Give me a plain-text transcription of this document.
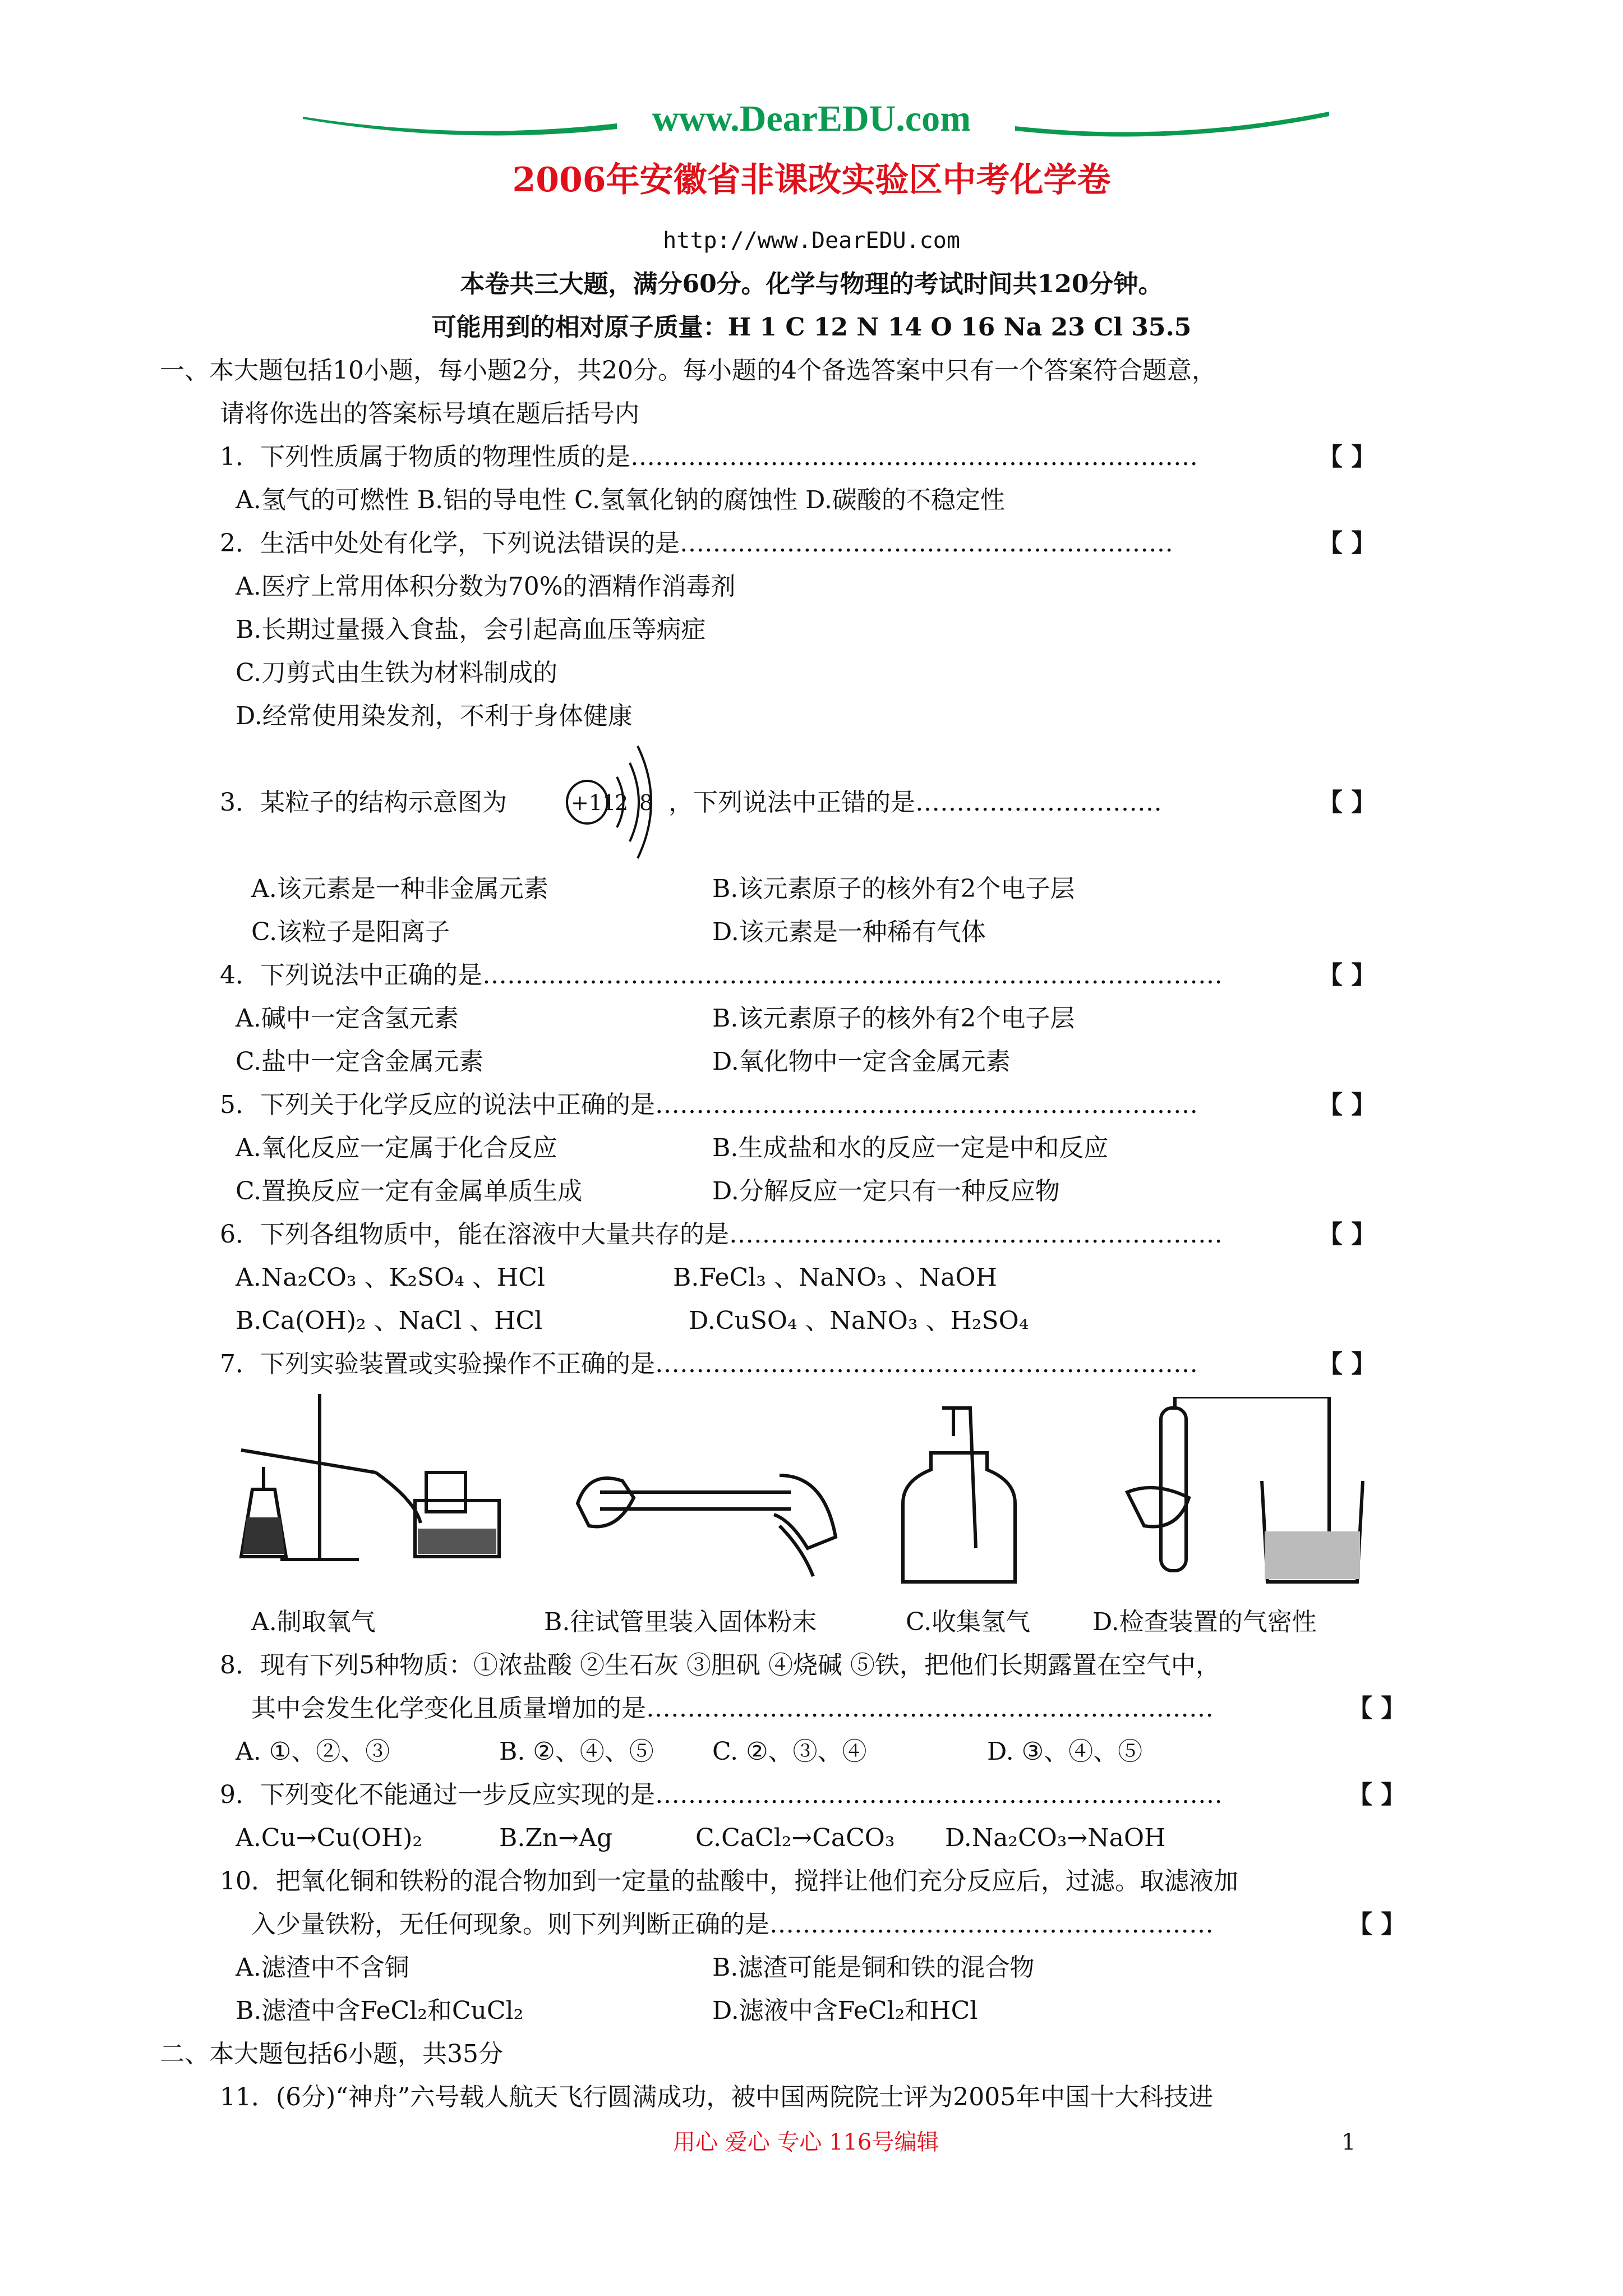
www.DearEDU.com
2006年安徽省非课改实验区中考化学卷
http://www.DearEDU.com
本卷共三大题，满分60分。化学与物理的考试时间共120分钟。
可能用到的相对原子质量：H 1 C 12 N 14 O 16 Na 23 Cl 35.5
一、本大题包括10小题，每小题2分，共20分。每小题的4个备选答案中只有一个答案符合题意，
请将你选出的答案标号填在题后括号内
1．下列性质属于物质的物理性质的是……………………………………………………………	【 】
A.氢气的可燃性 B.铝的导电性 C.氢氧化钠的腐蚀性 D.碳酸的不稳定性
2．生活中处处有化学，下列说法错误的是……………………………………………………	【 】
A.医疗上常用体积分数为70%的酒精作消毒剂
B.长期过量摄入食盐，会引起高血压等病症
C.刀剪式由生铁为材料制成的
D.经常使用染发剂，不利于身体健康
3．某粒子的结构示意图为	+11
2 8 ，下列说法中正错的是…………………………	【 】
A.该元素是一种非金属元素	B.该元素原子的核外有2个电子层
C.该粒子是阳离子	D.该元素是一种稀有气体
4．下列说法中正确的是………………………………………………………………………………	【 】
A.碱中一定含氢元素	B.该元素原子的核外有2个电子层
C.盐中一定含金属元素	D.氧化物中一定含金属元素
5．下列关于化学反应的说法中正确的是…………………………………………………………	【 】
A.氧化反应一定属于化合反应	B.生成盐和水的反应一定是中和反应
C.置换反应一定有金属单质生成	D.分解反应一定只有一种反应物
6．下列各组物质中，能在溶液中大量共存的是……………………………………………………	【 】
A.Na₂CO₃ 、K₂SO₄ 、HCl	B.FeCl₃ 、NaNO₃ 、NaOH
B.Ca(OH)₂ 、NaCl 、HCl	D.CuSO₄ 、NaNO₃ 、H₂SO₄
7．下列实验装置或实验操作不正确的是…………………………………………………………	【 】
A.制取氧气	B.往试管里装入固体粉末	C.收集氢气	D.检查装置的气密性
8．现有下列5种物质：①浓盐酸 ②生石灰 ③胆矾 ④烧碱 ⑤铁，把他们长期露置在空气中，
其中会发生化学变化且质量增加的是……………………………………………………………	【 】
A. ①、②、③	B. ②、④、⑤ C. ②、③、④	D. ③、④、⑤
9．下列变化不能通过一步反应实现的是……………………………………………………………	【 】
A.Cu→Cu(OH)₂	B.Zn→Ag	C.CaCl₂→CaCO₃ D.Na₂CO₃→NaOH
10．把氧化铜和铁粉的混合物加到一定量的盐酸中，搅拌让他们充分反应后，过滤。取滤液加
入少量铁粉，无任何现象。则下列判断正确的是………………………………………………	【 】
A.滤渣中不含铜	B.滤渣可能是铜和铁的混合物
B.滤渣中含FeCl₂和CuCl₂	D.滤液中含FeCl₂和HCl
二、本大题包括6小题，共35分
11．(6分)“神舟”六号载人航天飞行圆满成功，被中国两院院士评为2005年中国十大科技进
用心 爱心 专心 116号编辑	1
